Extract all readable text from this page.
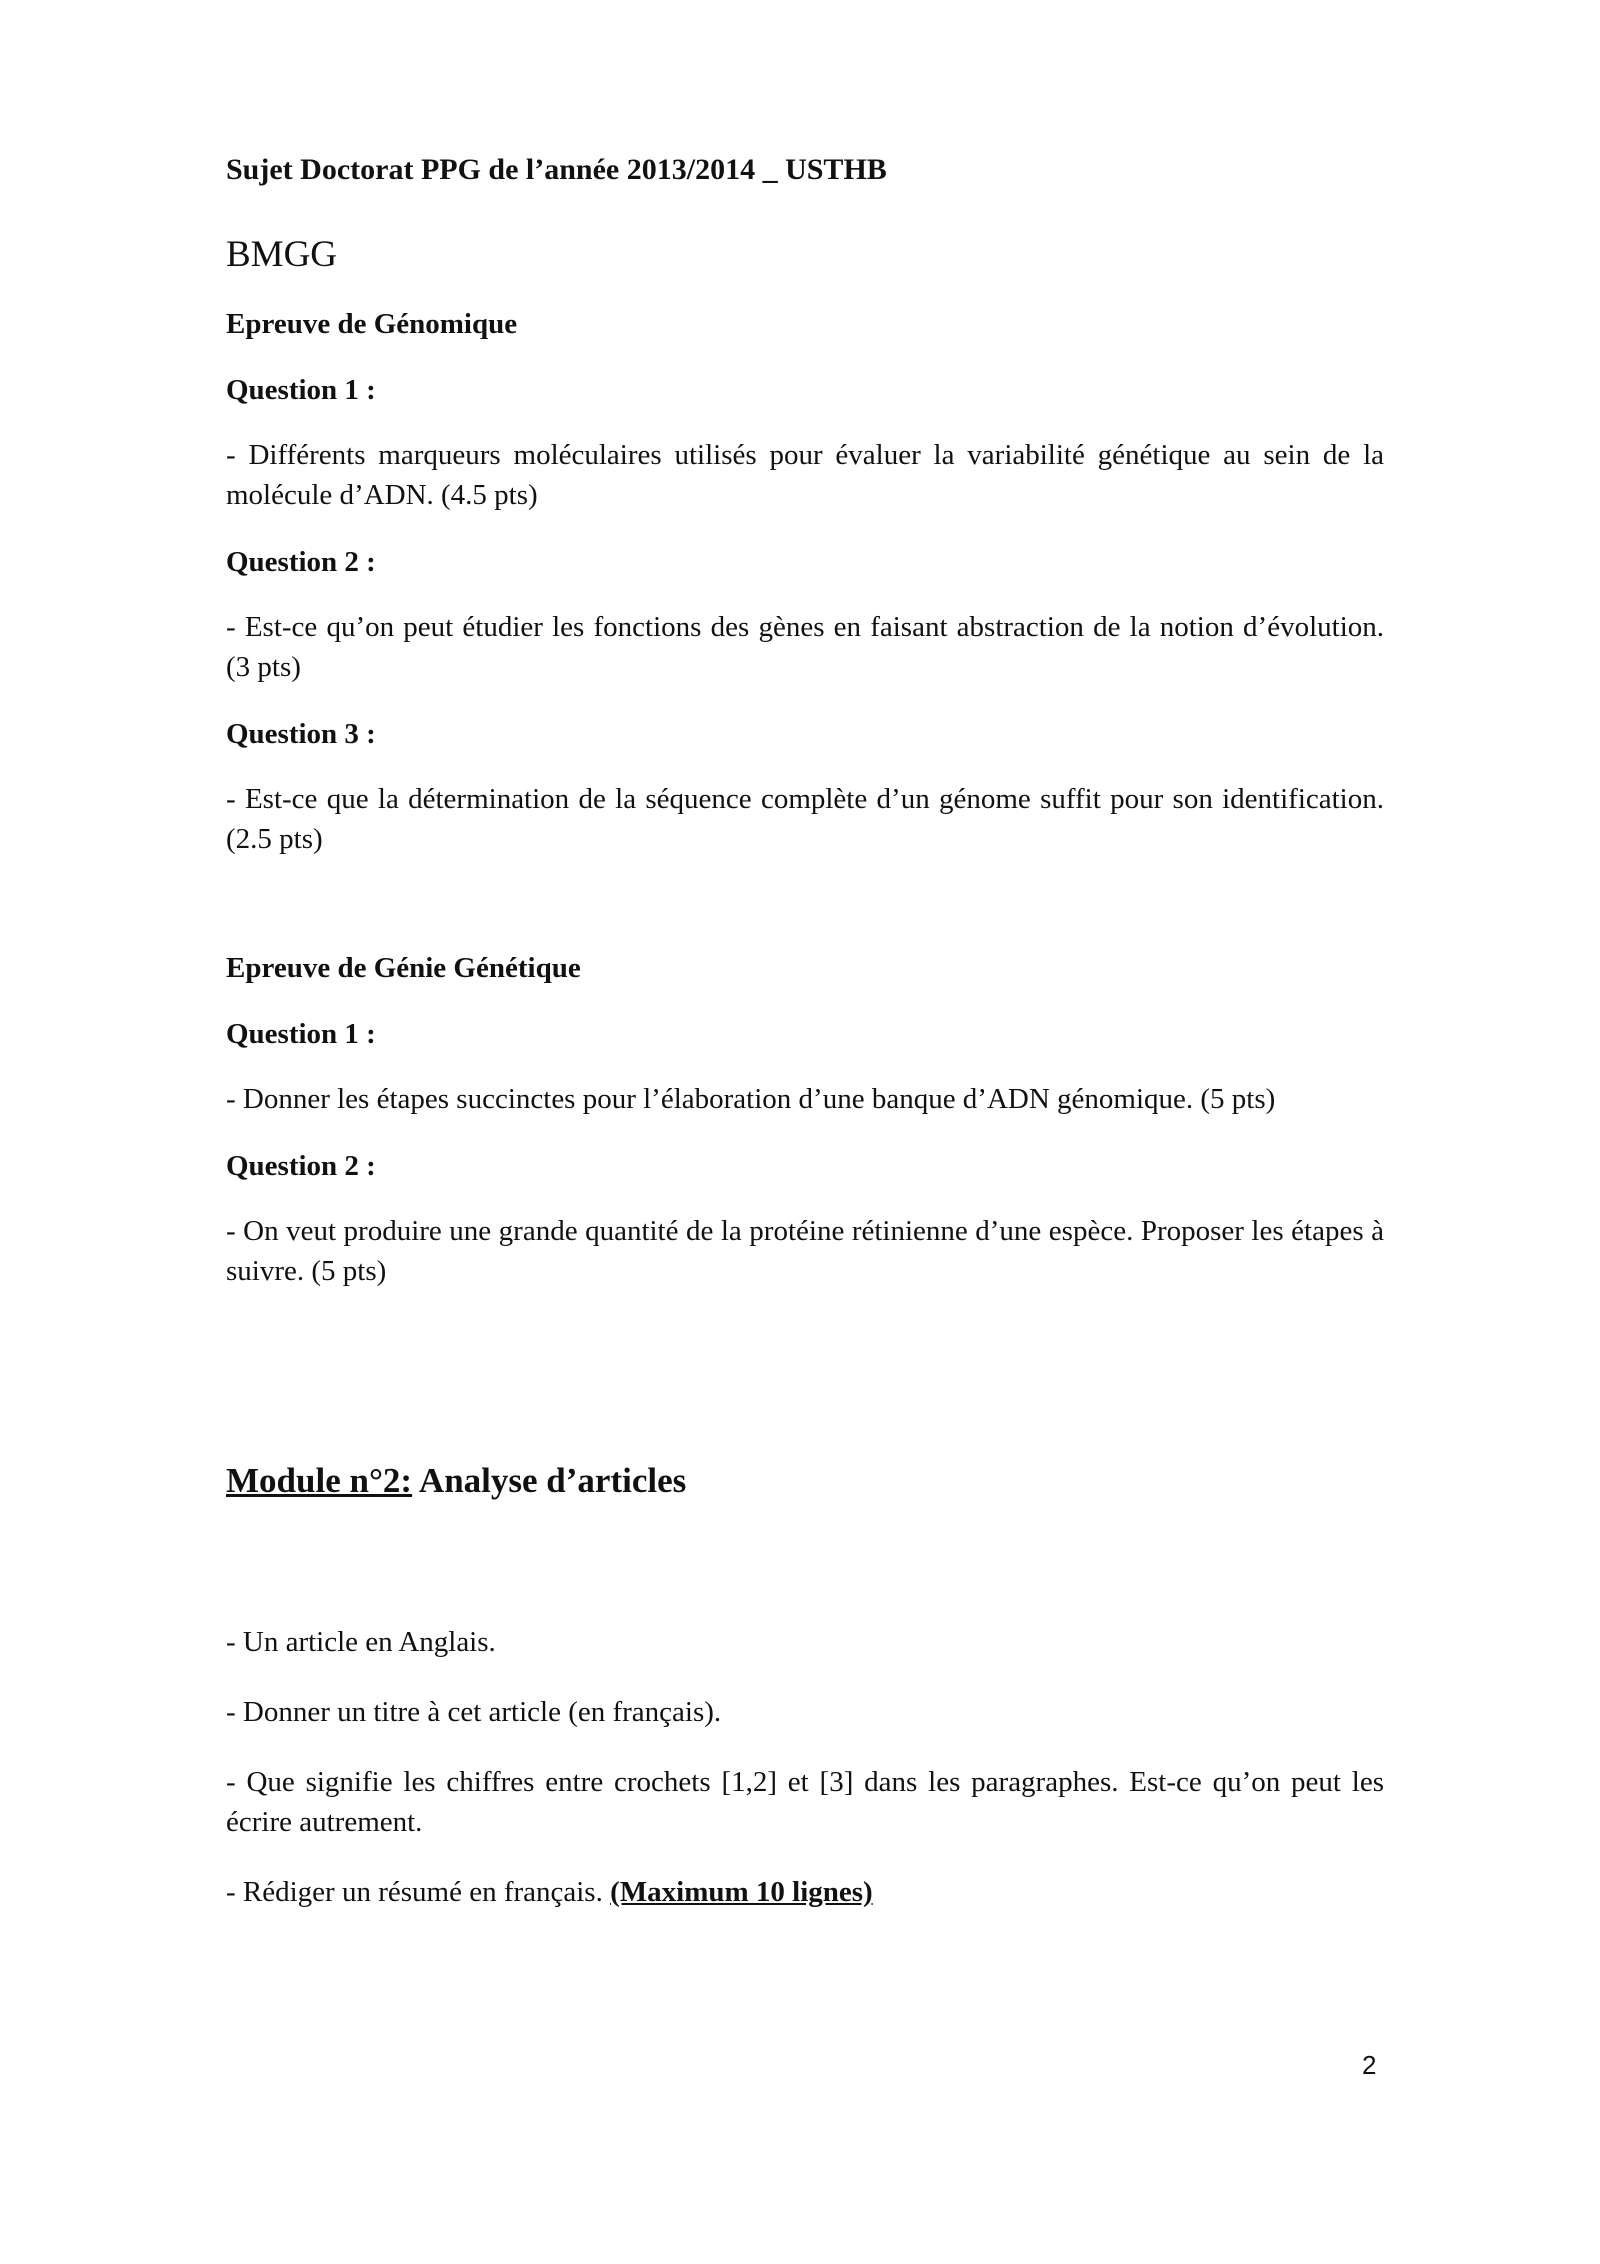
Sujet Doctorat PPG de l’année 2013/2014 _ USTHB
BMGG
Epreuve de Génomique
Question 1 :
- Différents marqueurs moléculaires utilisés pour évaluer la variabilité génétique au sein de la molécule d’ADN. (4.5 pts)
Question 2 :
- Est-ce qu’on peut étudier les fonctions des gènes en faisant abstraction de la notion d’évolution. (3 pts)
Question 3 :
- Est-ce que la détermination de la séquence complète d’un génome suffit pour son identification. (2.5 pts)
Epreuve de Génie Génétique
Question 1 :
- Donner les étapes succinctes pour l’élaboration d’une banque d’ADN génomique. (5 pts)
Question 2 :
- On veut produire une grande quantité de la protéine rétinienne d’une espèce. Proposer les étapes à suivre. (5 pts)
Module n°2: Analyse d’articles
- Un article en Anglais.
- Donner un titre à cet article (en français).
- Que signifie les chiffres entre crochets [1,2] et [3] dans les paragraphes. Est-ce qu’on peut les écrire autrement.
- Rédiger un résumé en français. (Maximum 10 lignes)
2
